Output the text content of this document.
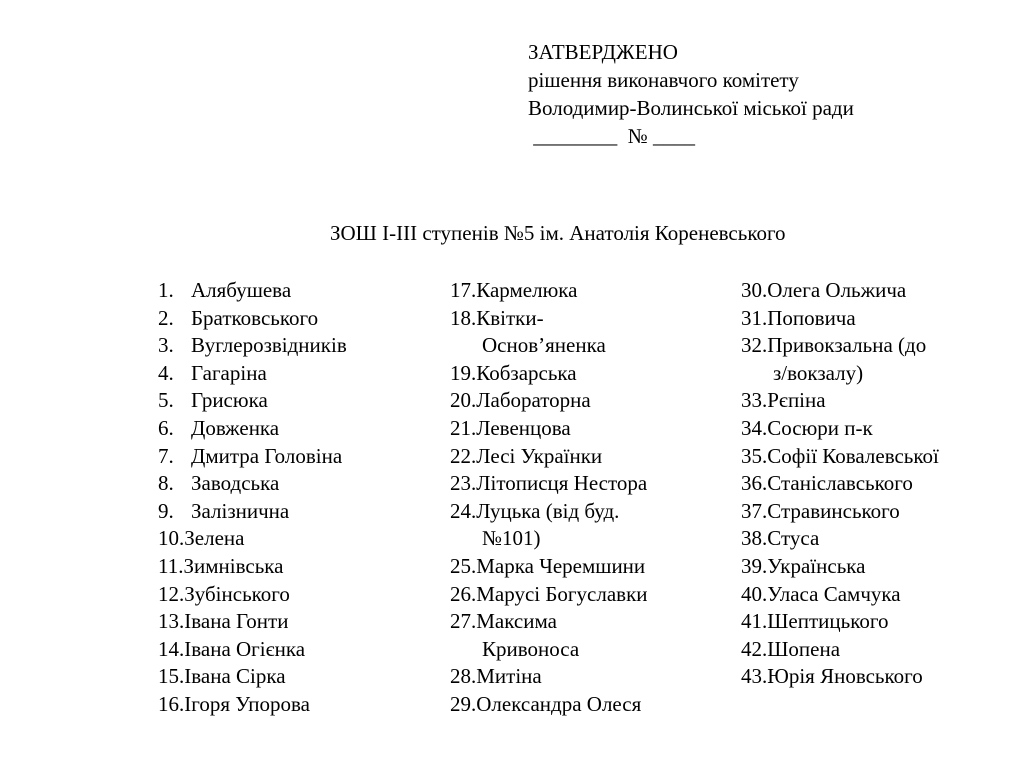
ЗАТВЕРДЖЕНО
рішення виконавчого комітету
Володимир-Волинської міської ради
________  № ____
ЗОШ І-ІІІ ступенів №5 ім. Анатолія Кореневського
1. Алябушева
2. Братковського
3. Вуглерозвідників
4. Гагаріна
5. Грисюка
6. Довженка
7. Дмитра Головіна
8. Заводська
9. Залізнична
10.Зелена
11.Зимнівська
12.Зубінського
13.Івана Гонти
14.Івана Огієнка
15.Івана Сірка
16.Ігоря Упорова
17.Кармелюка
18.Квітки-
Основ’яненка
19.Кобзарська
20.Лабораторна
21.Левенцова
22.Лесі Українки
23.Літописця Нестора
24.Луцька (від буд.
№101)
25.Марка Черемшини
26.Марусі Богуславки
27.Максима
Кривоноса
28.Митіна
29.Олександра Олеся
30.Олега Ольжича
31.Поповича
32.Привокзальна (до
з/вокзалу)
33.Рєпіна
34.Сосюри п-к
35.Софії Ковалевської
36.Станіславського
37.Стравинського
38.Стуса
39.Українська
40.Уласа Самчука
41.Шептицького
42.Шопена
43.Юрія Яновського
